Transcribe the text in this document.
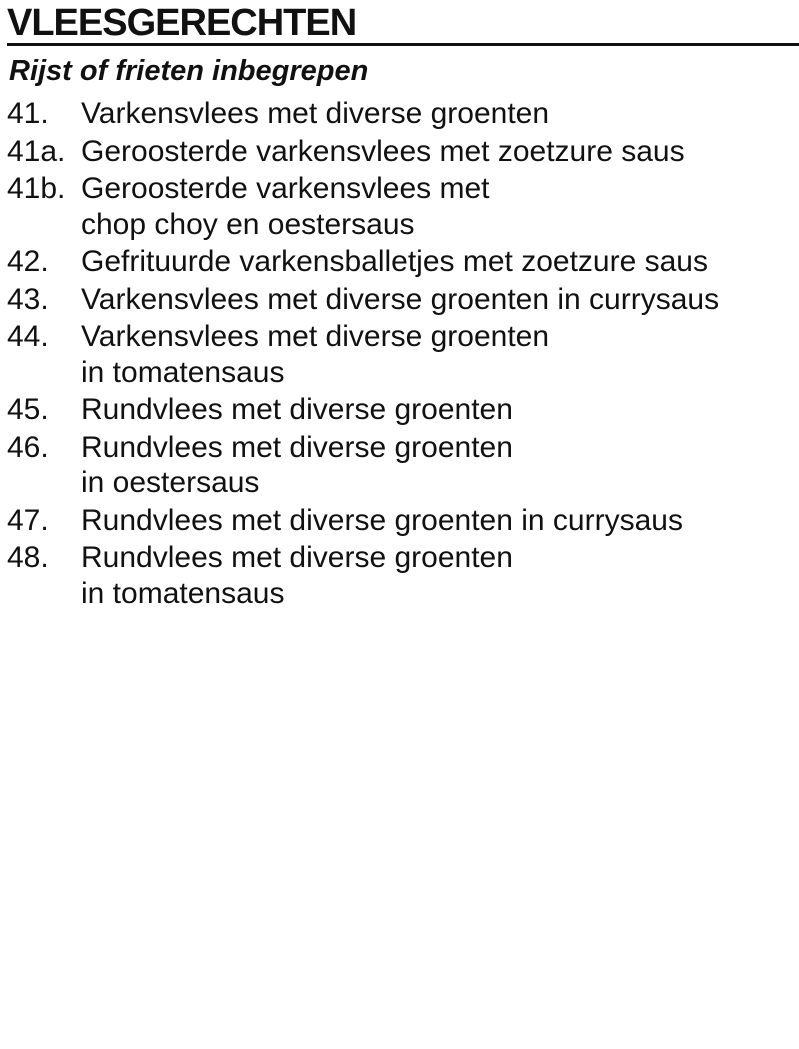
VLEESGERECHTEN
Rijst of frieten inbegrepen
41.	Varkensvlees met diverse groenten
41a. Geroosterde varkensvlees met zoetzure saus
41b. Geroosterde varkensvlees met
chop choy en oestersaus
42.	Gefrituurde varkensballetjes met zoetzure saus
43.	Varkensvlees met diverse groenten in currysaus
44.	Varkensvlees met diverse groenten
in tomatensaus
45.	Rundvlees met diverse groenten
46.	Rundvlees met diverse groenten
in oestersaus
47.	Rundvlees met diverse groenten in currysaus
48.	Rundvlees met diverse groenten
in tomatensaus
